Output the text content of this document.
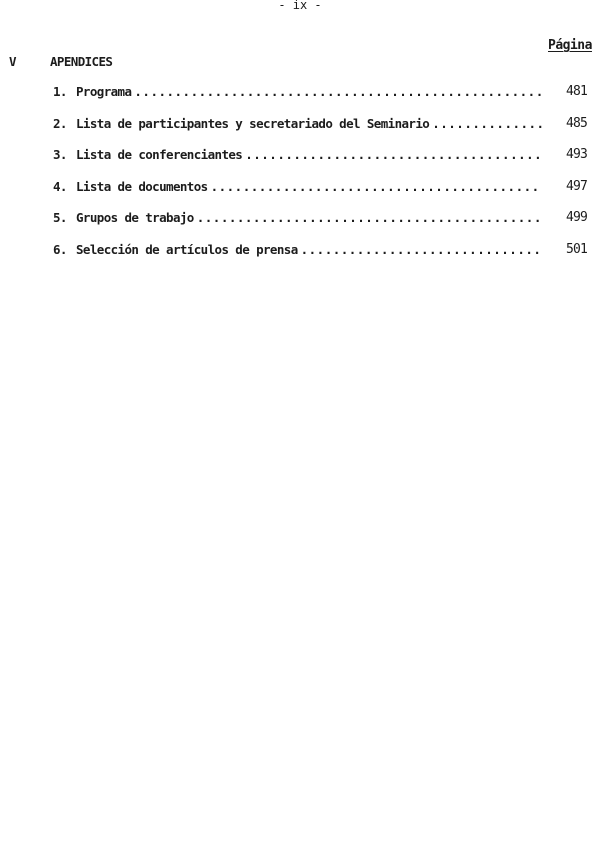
- ix -
Página
V	APENDICES
1. Programa .....	481
2. Lista de participantes y secretariado del Seminario .....	485
3. Lista de conferenciantes .....	493
4. Lista de documentos .....	497
5. Grupos de trabajo .....	499
6. Selección de artículos de prensa .....	501
